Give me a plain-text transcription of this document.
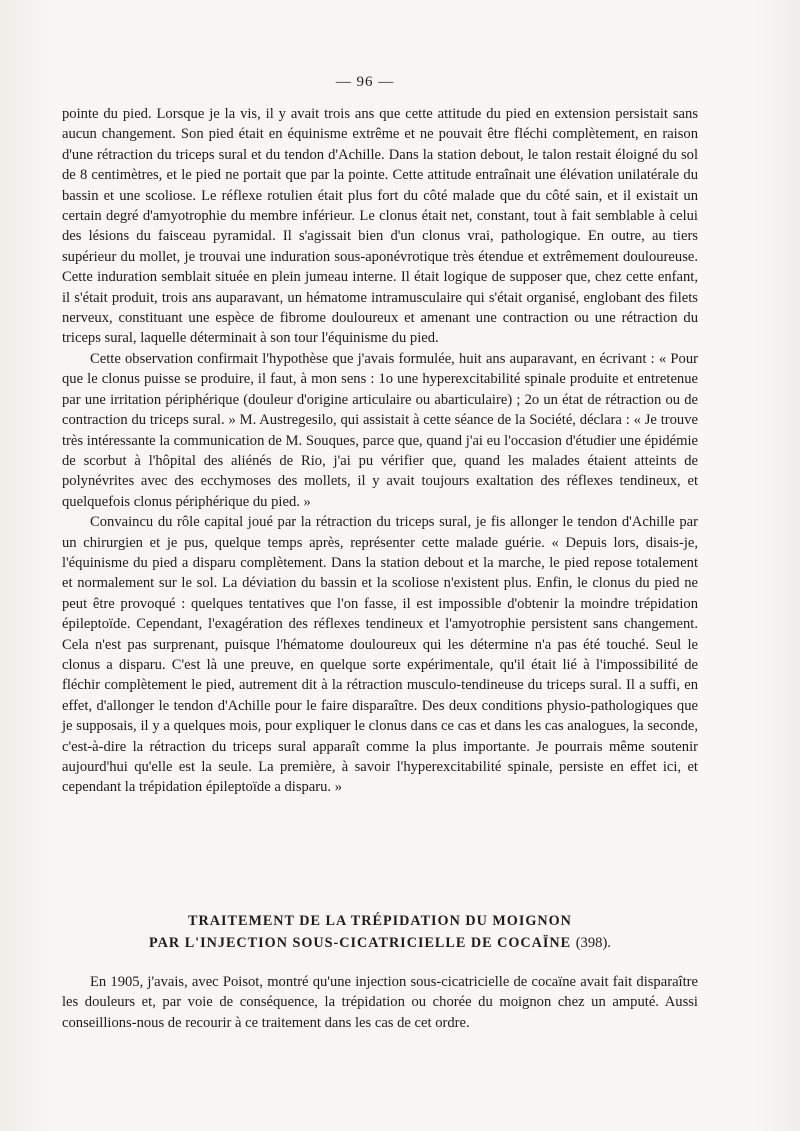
— 96 —

pointe du pied. Lorsque je la vis, il y avait trois ans que cette attitude du pied en extension persistait sans aucun changement. Son pied était en équinisme extrême et ne pouvait être fléchi complètement, en raison d'une rétraction du triceps sural et du tendon d'Achille. Dans la station debout, le talon restait éloigné du sol de 8 centimètres, et le pied ne portait que par la pointe. Cette attitude entraînait une élévation unilatérale du bassin et une scoliose. Le réflexe rotulien était plus fort du côté malade que du côté sain, et il existait un certain degré d'amyotrophie du membre inférieur. Le clonus était net, constant, tout à fait semblable à celui des lésions du faisceau pyramidal. Il s'agissait bien d'un clonus vrai, pathologique. En outre, au tiers supérieur du mollet, je trouvai une induration sous-aponévrotique très étendue et extrêmement douloureuse. Cette induration semblait située en plein jumeau interne. Il était logique de supposer que, chez cette enfant, il s'était produit, trois ans auparavant, un hématome intramusculaire qui s'était organisé, englobant des filets nerveux, constituant une espèce de fibrome douloureux et amenant une contraction ou une rétraction du triceps sural, laquelle déterminait à son tour l'équinisme du pied.

Cette observation confirmait l'hypothèse que j'avais formulée, huit ans auparavant, en écrivant : « Pour que le clonus puisse se produire, il faut, à mon sens : 1o une hyperexcitabilité spinale produite et entretenue par une irritation périphérique (douleur d'origine articulaire ou abarticulaire) ; 2o un état de rétraction ou de contraction du triceps sural. » M. Austregesilo, qui assistait à cette séance de la Société, déclara : « Je trouve très intéressante la communication de M. Souques, parce que, quand j'ai eu l'occasion d'étudier une épidémie de scorbut à l'hôpital des aliénés de Rio, j'ai pu vérifier que, quand les malades étaient atteints de polynévrites avec des ecchymoses des mollets, il y avait toujours exaltation des réflexes tendineux, et quelquefois clonus périphérique du pied. »

Convaincu du rôle capital joué par la rétraction du triceps sural, je fis allonger le tendon d'Achille par un chirurgien et je pus, quelque temps après, représenter cette malade guérie. « Depuis lors, disais-je, l'équinisme du pied a disparu complètement. Dans la station debout et la marche, le pied repose totalement et normalement sur le sol. La déviation du bassin et la scoliose n'existent plus. Enfin, le clonus du pied ne peut être provoqué : quelques tentatives que l'on fasse, il est impossible d'obtenir la moindre trépidation épileptoïde. Cependant, l'exagération des réflexes tendineux et l'amyotrophie persistent sans changement. Cela n'est pas surprenant, puisque l'hématome douloureux qui les détermine n'a pas été touché. Seul le clonus a disparu. C'est là une preuve, en quelque sorte expérimentale, qu'il était lié à l'impossibilité de fléchir complètement le pied, autrement dit à la rétraction musculo-tendineuse du triceps sural. Il a suffi, en effet, d'allonger le tendon d'Achille pour le faire disparaître. Des deux conditions physio-pathologiques que je supposais, il y a quelques mois, pour expliquer le clonus dans ce cas et dans les cas analogues, la seconde, c'est-à-dire la rétraction du triceps sural apparaît comme la plus importante. Je pourrais même soutenir aujourd'hui qu'elle est la seule. La première, à savoir l'hyperexcitabilité spinale, persiste en effet ici, et cependant la trépidation épileptoïde a disparu. »

TRAITEMENT DE LA TRÉPIDATION DU MOIGNON
PAR L'INJECTION SOUS-CICATRICIELLE DE COCAÏNE (398).

En 1905, j'avais, avec Poisot, montré qu'une injection sous-cicatricielle de cocaïne avait fait disparaître les douleurs et, par voie de conséquence, la trépidation ou chorée du moignon chez un amputé. Aussi conseillions-nous de recourir à ce traitement dans les cas de cet ordre.
